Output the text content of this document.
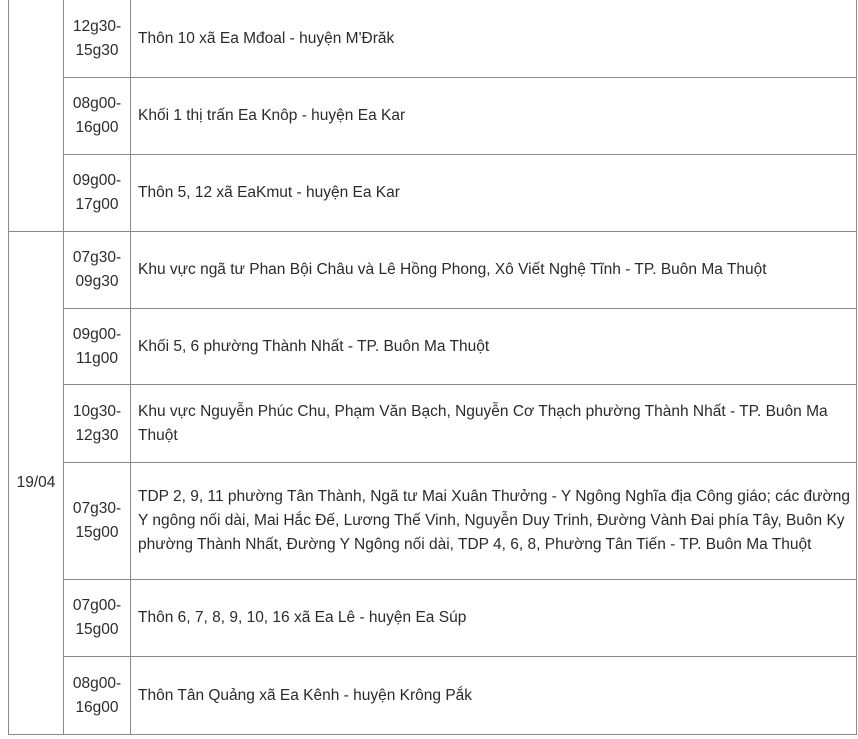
	12g30-
15g30	Thôn 10 xã Ea Mđoal - huyện M'Đrăk

	08g00-
16g00	Khối 1 thị trấn Ea Knôp - huyện Ea Kar

	09g00-
17g00	Thôn 5, 12 xã EaKmut - huyện Ea Kar
19/04	07g30-
09g30	Khu vực ngã tư Phan Bội Châu và Lê Hồng Phong, Xô Viết Nghệ Tĩnh - TP. Buôn Ma Thuột

	09g00-
11g00	Khối 5, 6 phường Thành Nhất - TP. Buôn Ma Thuột

	10g30-
12g30	Khu vực Nguyễn Phúc Chu, Phạm Văn Bạch, Nguyễn Cơ Thạch phường Thành Nhất - TP. Buôn Ma Thuột

	07g30-
15g00	TDP 2, 9, 11 phường Tân Thành, Ngã tư Mai Xuân Thưởng - Y Ngông Nghĩa địa Công giáo; các đường Y ngông nối dài, Mai Hắc Đế, Lương Thế Vinh, Nguyễn Duy Trinh, Đường Vành Đai phía Tây, Buôn Ky phường Thành Nhất, Đường Y Ngông nối dài, TDP 4, 6, 8, Phường Tân Tiến - TP. Buôn Ma Thuột

	07g00-
15g00	Thôn 6, 7, 8, 9, 10, 16 xã Ea Lê - huyện Ea Súp

	08g00-
16g00	Thôn Tân Quảng xã Ea Kênh - huyện Krông Pắk
